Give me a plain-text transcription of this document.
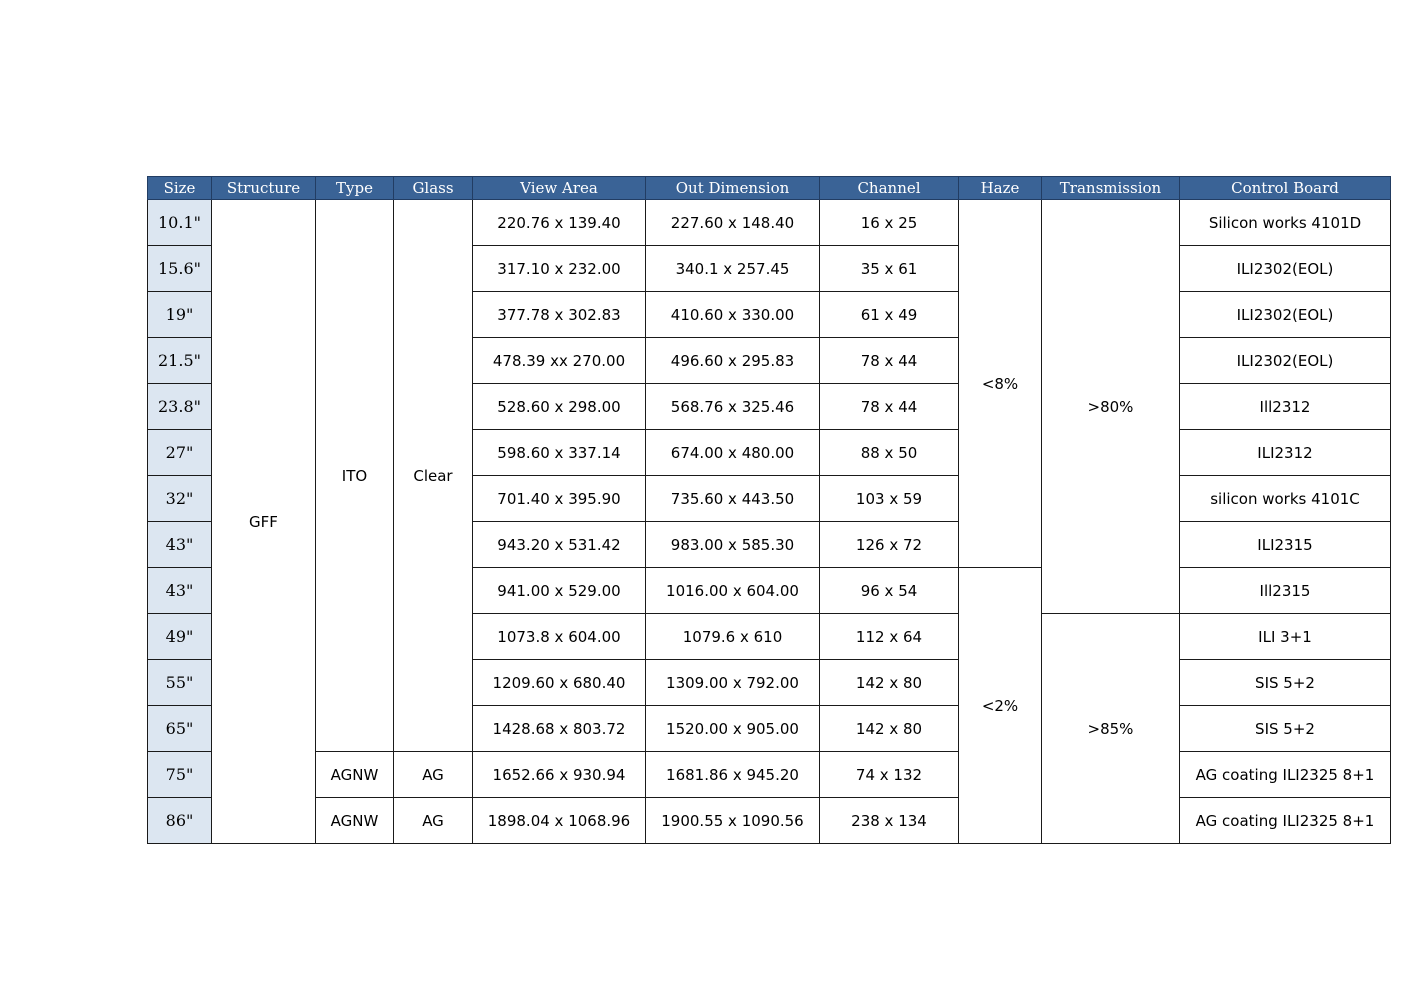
Size	Structure	Type	Glass	View Area	Out Dimension	Channel	Haze	Transmission	Control Board
10.1"	GFF	ITO	Clear	220.76 x 139.40	227.60 x 148.40	16 x 25	<8%	>80%	Silicon works 4101D
15.6"				317.10 x 232.00	340.1 x 257.45	35 x 61			ILI2302(EOL)
19"				377.78 x 302.83	410.60 x 330.00	61 x 49			ILI2302(EOL)
21.5"				478.39 xx 270.00	496.60 x 295.83	78 x 44			ILI2302(EOL)
23.8"				528.60 x 298.00	568.76 x 325.46	78 x 44			Ill2312
27"				598.60 x 337.14	674.00 x 480.00	88 x 50			ILI2312
32"				701.40 x 395.90	735.60 x 443.50	103 x 59			silicon works 4101C
43"				943.20 x 531.42	983.00 x 585.30	126 x 72			ILI2315
43"				941.00 x 529.00	1016.00 x 604.00	96 x 54	<2%		Ill2315
49"				1073.8 x 604.00	1079.6 x 610	112 x 64		>85%	ILI 3+1
55"				1209.60 x 680.40	1309.00 x 792.00	142 x 80			SIS 5+2
65"				1428.68 x 803.72	1520.00 x 905.00	142 x 80			SIS 5+2
75"		AGNW	AG	1652.66 x 930.94	1681.86 x 945.20	74 x 132			AG coating ILI2325 8+1
86"		AGNW	AG	1898.04 x 1068.96	1900.55 x 1090.56	238 x 134			AG coating ILI2325 8+1
